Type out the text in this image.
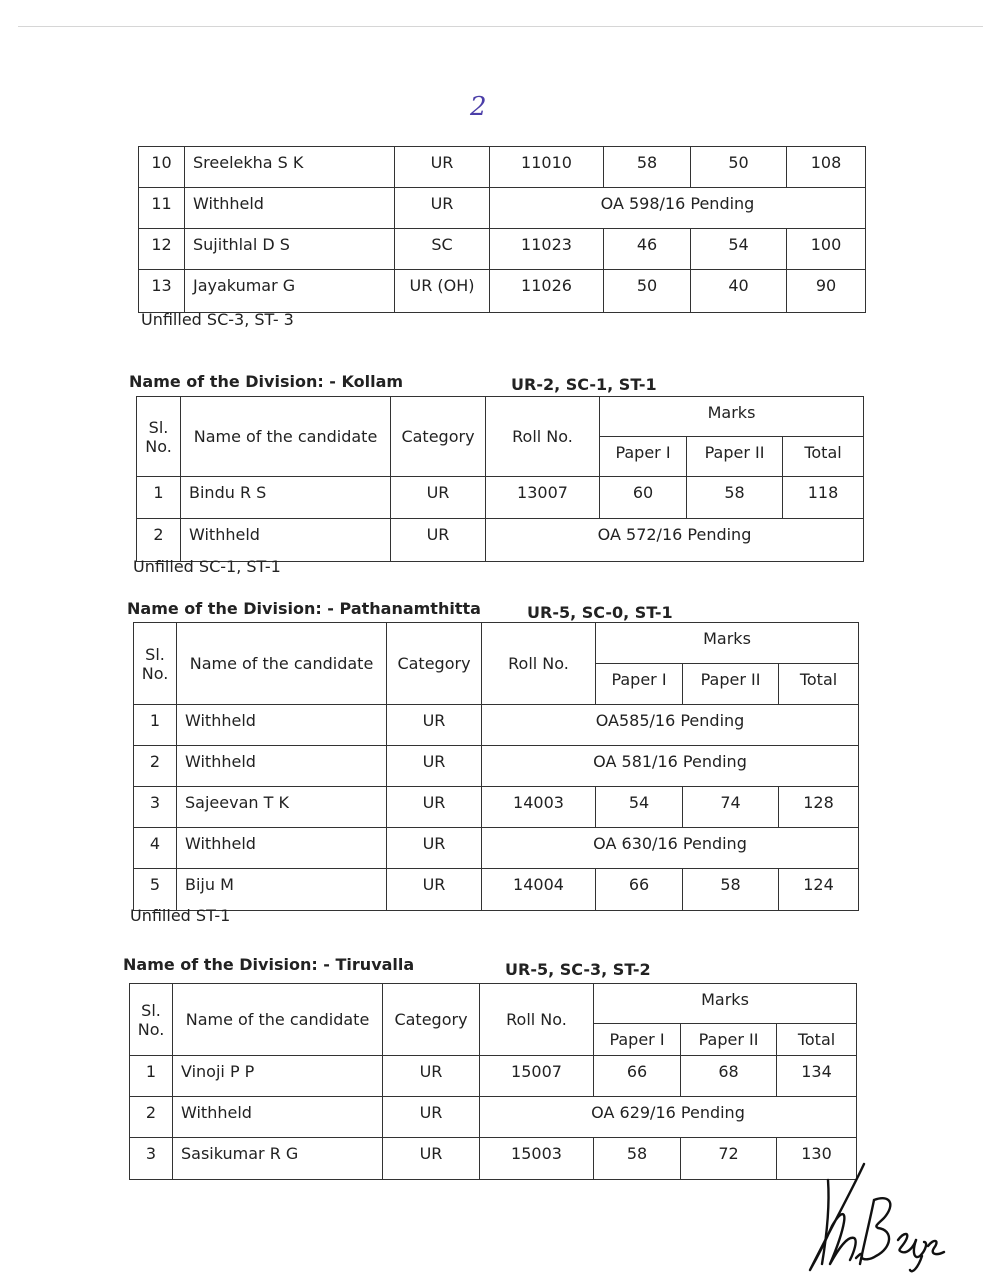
2
10	Sreelekha S K	UR	11010	58	50	108
11	Withheld	UR	OA 598/16 Pending			
12	Sujithlal D S	SC	11023	46	54	100
13	Jayakumar G	UR (OH)	11026	50	40	90
Unfilled SC-3, ST- 3
Name of the Division: - Kollam	UR-2, SC-1, ST-1
Sl. No.	Name of the candidate	Category	Roll No.	Marks		
				Paper I	Paper II	Total
1	Bindu R S	UR	13007	60	58	118
2	Withheld	UR	OA 572/16 Pending			
Unfilled SC-1, ST-1
Name of the Division: - Pathanamthitta	UR-5, SC-0, ST-1
Sl. No.	Name of the candidate	Category	Roll No.	Marks		
				Paper I	Paper II	Total
1	Withheld	UR	OA585/16 Pending			
2	Withheld	UR	OA 581/16 Pending			
3	Sajeevan T K	UR	14003	54	74	128
4	Withheld	UR	OA 630/16 Pending			
5	Biju M	UR	14004	66	58	124
Unfilled ST-1
Name of the Division: - Tiruvalla	UR-5, SC-3, ST-2
Sl. No.	Name of the candidate	Category	Roll No.	Marks		
				Paper I	Paper II	Total
1	Vinoji P P	UR	15007	66	68	134
2	Withheld	UR	OA 629/16 Pending			
3	Sasikumar R G	UR	15003	58	72	130
